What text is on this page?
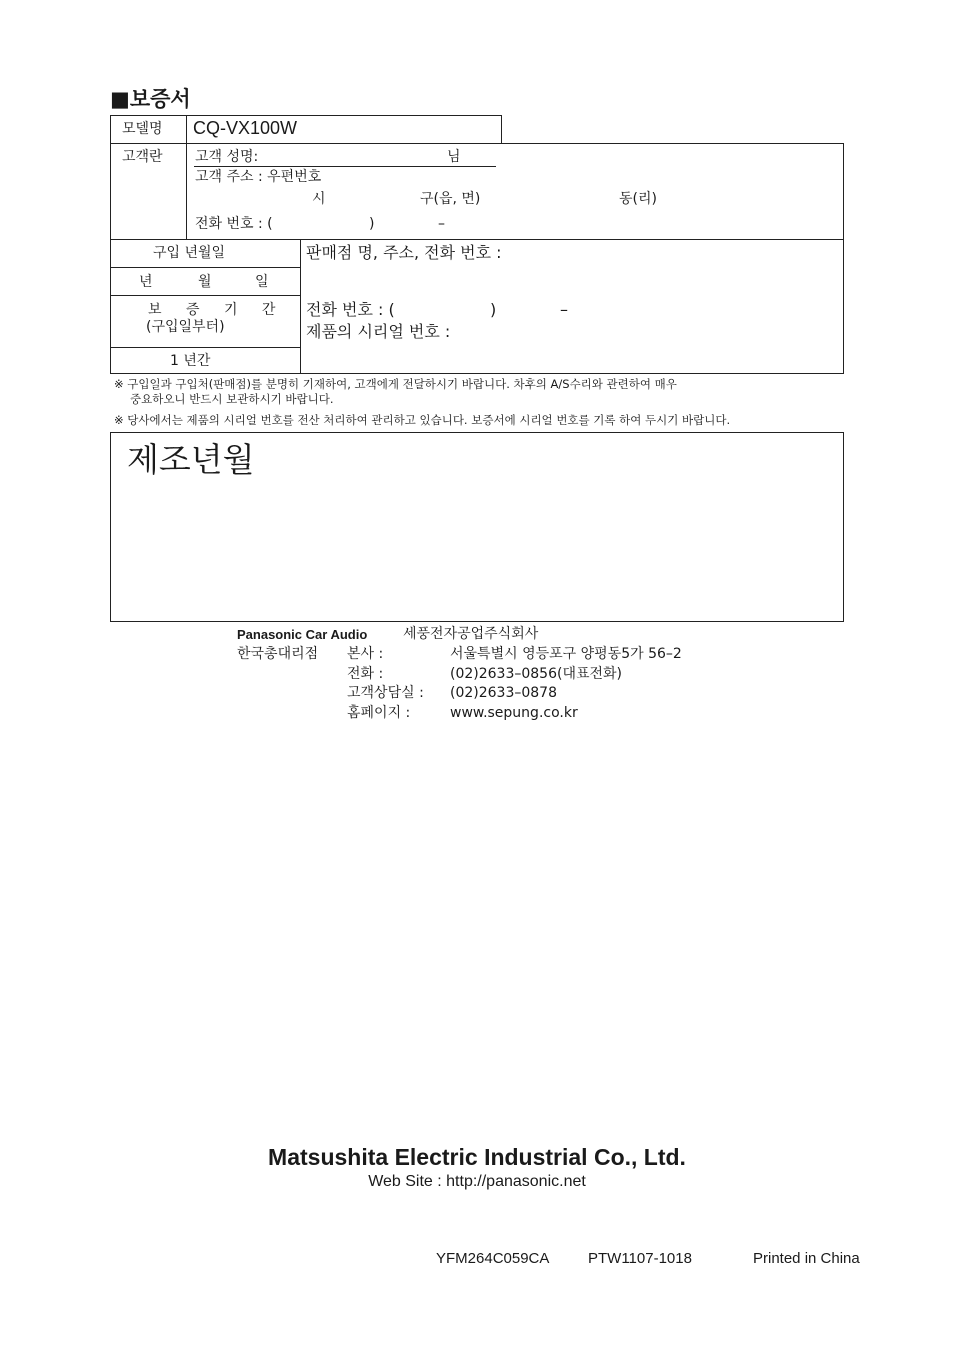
■보증서
모델명 CQ-VX100W
고객란 고객 성명:	님
고객 주소 : 우편번호
시	구(읍, 면)	동(리)
전화 번호 : (	)	–
구입 년월일
년	월	일
보 증 기 간
(구입일부터)
1 년간
판매점 명, 주소, 전화 번호 :
전화 번호 : (	)	–
제품의 시리얼 번호 :
※ 구입일과 구입처(판매점)를 분명히 기재하여, 고객에게 전달하시기 바랍니다. 차후의 A/S수리와 관련하여 매우
중요하오니 반드시 보관하시기 바랍니다.
※ 당사에서는 제품의 시리얼 번호를 전산 처리하여 관리하고 있습니다. 보증서에 시리얼 번호를 기록 하여 두시기 바랍니다.
제조년월
Panasonic Car Audio	세풍전자공업주식회사
한국총대리점 본사 :	서울특별시 영등포구 양평동5가 56–2
전화 :	(02)2633–0856(대표전화)
고객상담실 : (02)2633–0878
홈페이지 :	www.sepung.co.kr
Matsushita Electric Industrial Co., Ltd.
Web Site : http://panasonic.net
YFM264C059CA	PTW1107-1018	Printed in China
